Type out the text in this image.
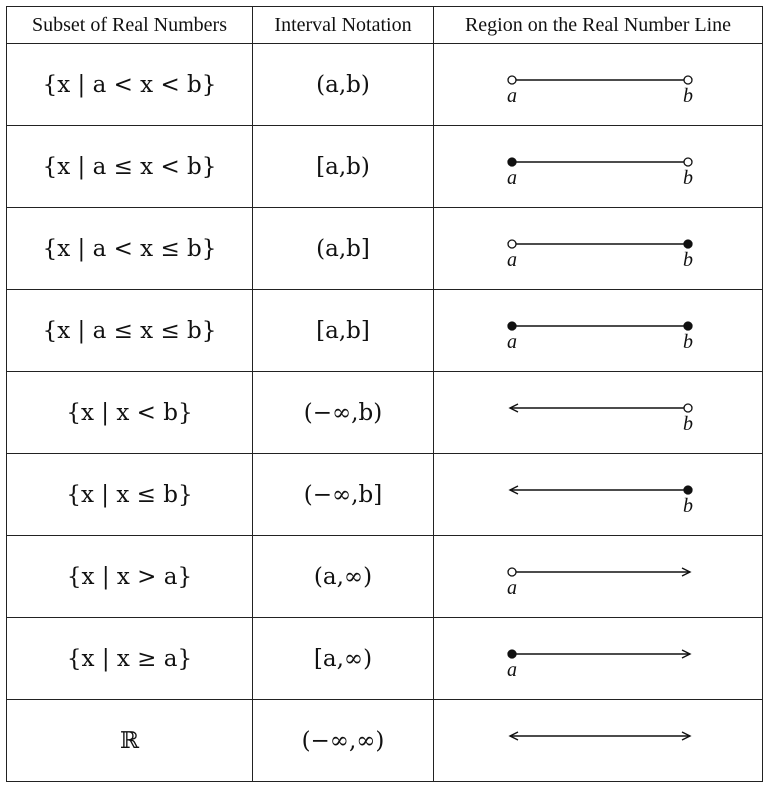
Subset of Real Numbers	Interval Notation	Region on the Real Number Line
{x | a < x < b}	(a,b)	a b

{x | a ≤ x < b}	[a,b)	a b

{x | a < x ≤ b}	(a,b]	a b

{x | a ≤ x ≤ b}	[a,b]	a b

{x | x < b}	(−∞,b)	b

{x | x ≤ b}	(−∞,b]	b

{x | x > a}	(a,∞)	a

{x | x ≥ a}	[a,∞)	a

ℝ	(−∞,∞)	
